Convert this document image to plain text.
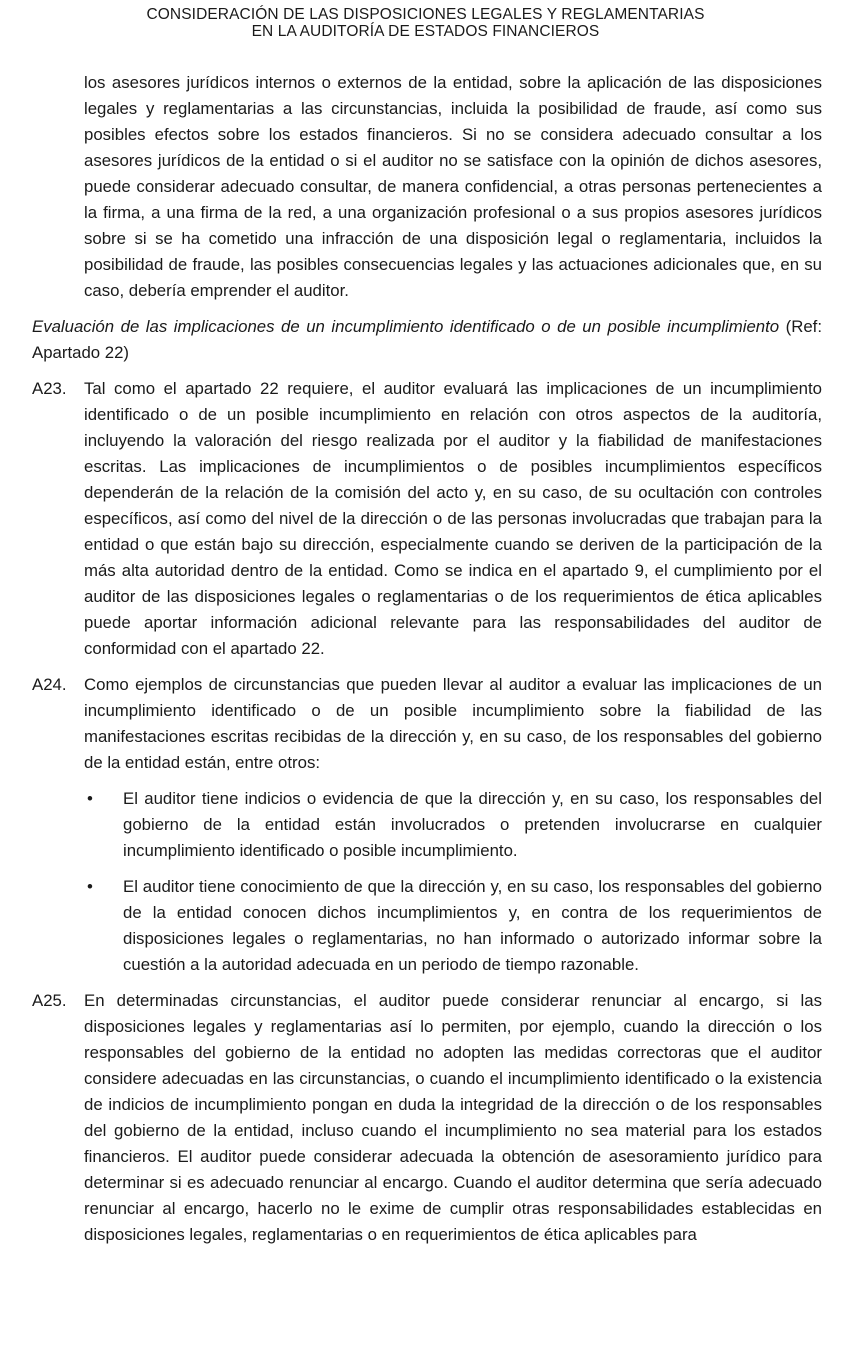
CONSIDERACIÓN DE LAS DISPOSICIONES LEGALES Y REGLAMENTARIAS
EN LA AUDITORÍA DE ESTADOS FINANCIEROS

los asesores jurídicos internos o externos de la entidad, sobre la aplicación de las disposiciones legales y reglamentarias a las circunstancias, incluida la posibilidad de fraude, así como sus posibles efectos sobre los estados financieros. Si no se considera adecuado consultar a los asesores jurídicos de la entidad o si el auditor no se satisface con la opinión de dichos asesores, puede considerar adecuado consultar, de manera confidencial, a otras personas pertenecientes a la firma, a una firma de la red, a una organización profesional o a sus propios asesores jurídicos sobre si se ha cometido una infracción de una disposición legal o reglamentaria, incluidos la posibilidad de fraude, las posibles consecuencias legales y las actuaciones adicionales que, en su caso, debería emprender el auditor.

Evaluación de las implicaciones de un incumplimiento identificado o de un posible incumplimiento (Ref: Apartado 22)

A23. Tal como el apartado 22 requiere, el auditor evaluará las implicaciones de un incumplimiento identificado o de un posible incumplimiento en relación con otros aspectos de la auditoría, incluyendo la valoración del riesgo realizada por el auditor y la fiabilidad de manifestaciones escritas. Las implicaciones de incumplimientos o de posibles incumplimientos específicos dependerán de la relación de la comisión del acto y, en su caso, de su ocultación con controles específicos, así como del nivel de la dirección o de las personas involucradas que trabajan para la entidad o que están bajo su dirección, especialmente cuando se deriven de la participación de la más alta autoridad dentro de la entidad. Como se indica en el apartado 9, el cumplimiento por el auditor de las disposiciones legales o reglamentarias o de los requerimientos de ética aplicables puede aportar información adicional relevante para las responsabilidades del auditor de conformidad con el apartado 22.

A24. Como ejemplos de circunstancias que pueden llevar al auditor a evaluar las implicaciones de un incumplimiento identificado o de un posible incumplimiento sobre la fiabilidad de las manifestaciones escritas recibidas de la dirección y, en su caso, de los responsables del gobierno de la entidad están, entre otros:

• El auditor tiene indicios o evidencia de que la dirección y, en su caso, los responsables del gobierno de la entidad están involucrados o pretenden involucrarse en cualquier incumplimiento identificado o posible incumplimiento.

• El auditor tiene conocimiento de que la dirección y, en su caso, los responsables del gobierno de la entidad conocen dichos incumplimientos y, en contra de los requerimientos de disposiciones legales o reglamentarias, no han informado o autorizado informar sobre la cuestión a la autoridad adecuada en un periodo de tiempo razonable.

A25. En determinadas circunstancias, el auditor puede considerar renunciar al encargo, si las disposiciones legales y reglamentarias así lo permiten, por ejemplo, cuando la dirección o los responsables del gobierno de la entidad no adopten las medidas correctoras que el auditor considere adecuadas en las circunstancias, o cuando el incumplimiento identificado o la existencia de indicios de incumplimiento pongan en duda la integridad de la dirección o de los responsables del gobierno de la entidad, incluso cuando el incumplimiento no sea material para los estados financieros. El auditor puede considerar adecuada la obtención de asesoramiento jurídico para determinar si es adecuado renunciar al encargo. Cuando el auditor determina que sería adecuado renunciar al encargo, hacerlo no le exime de cumplir otras responsabilidades establecidas en disposiciones legales, reglamentarias o en requerimientos de ética aplicables para
